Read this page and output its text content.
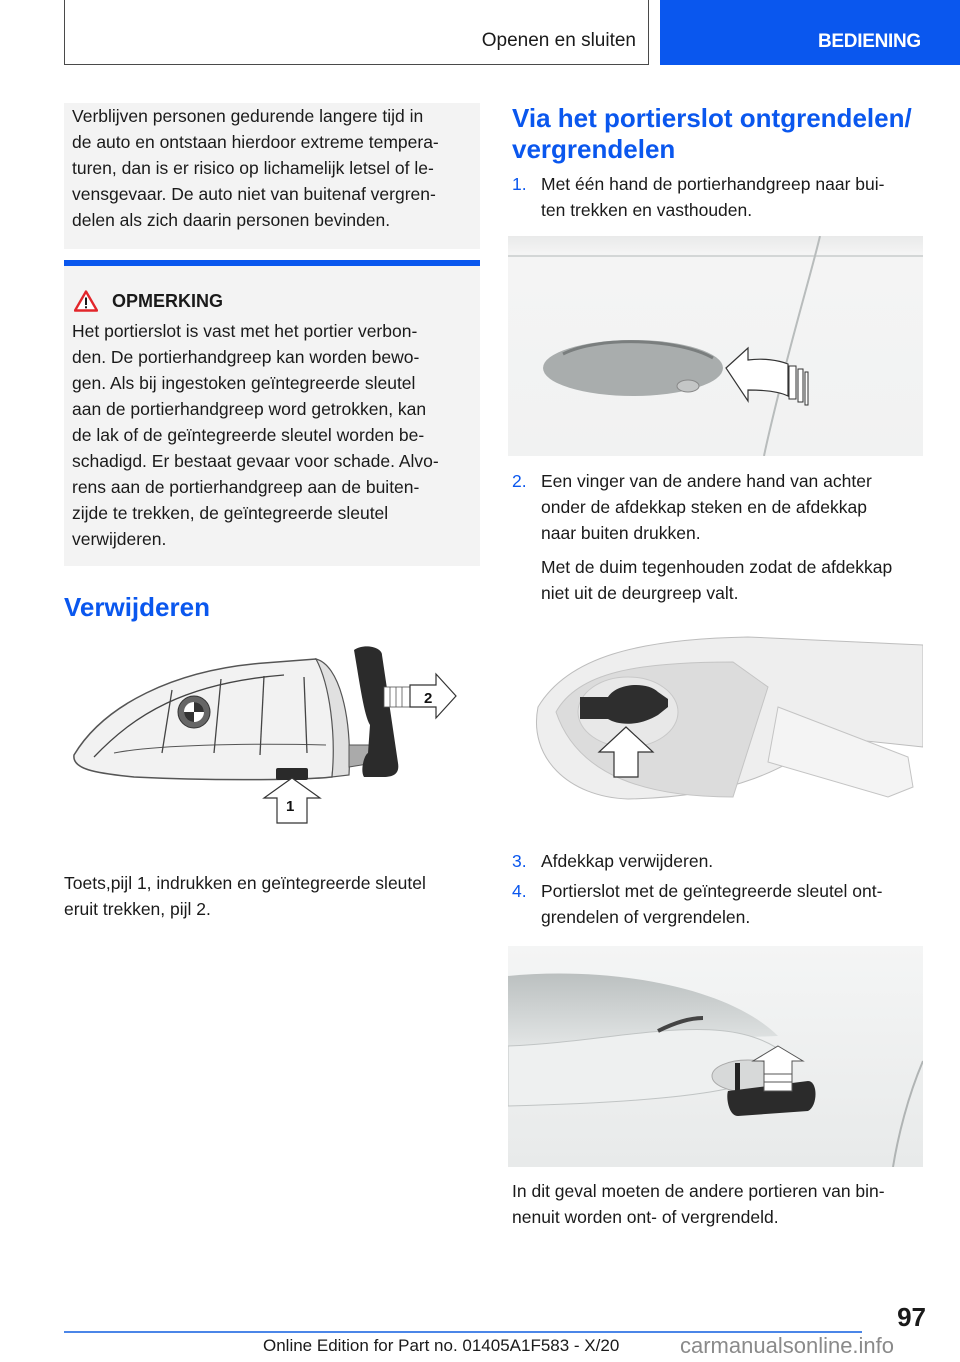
Openen en sluiten	BEDIENING
Verblijven personen gedurende langere tijd in
de auto en ontstaan hierdoor extreme tempera-
turen, dan is er risico op lichamelijk letsel of le-
vensgevaar. De auto niet van buitenaf vergren-
delen als zich daarin personen bevinden.
OPMERKING
Het portierslot is vast met het portier verbon-
den. De portierhandgreep kan worden bewo-
gen. Als bij ingestoken geïntegreerde sleutel
aan de portierhandgreep word getrokken, kan
de lak of de geïntegreerde sleutel worden be-
schadigd. Er bestaat gevaar voor schade. Alvo-
rens aan de portierhandgreep aan de buiten-
zijde te trekken, de geïntegreerde sleutel
verwijderen.
Verwijderen
2
1
Toets,pijl 1, indrukken en geïntegreerde sleutel
eruit trekken, pijl 2.
Via het portierslot ontgrendelen/
vergrendelen
1. Met één hand de portierhandgreep naar bui-
ten trekken en vasthouden.
2. Een vinger van de andere hand van achter
onder de afdekkap steken en de afdekkap
naar buiten drukken.
Met de duim tegenhouden zodat de afdekkap
niet uit de deurgreep valt.
3. Afdekkap verwijderen.
4. Portierslot met de geïntegreerde sleutel ont-
grendelen of vergrendelen.
In dit geval moeten de andere portieren van bin-
nenuit worden ont- of vergrendeld.
97
Online Edition for Part no. 01405A1F583 - X/20	carmanualsonline.info
